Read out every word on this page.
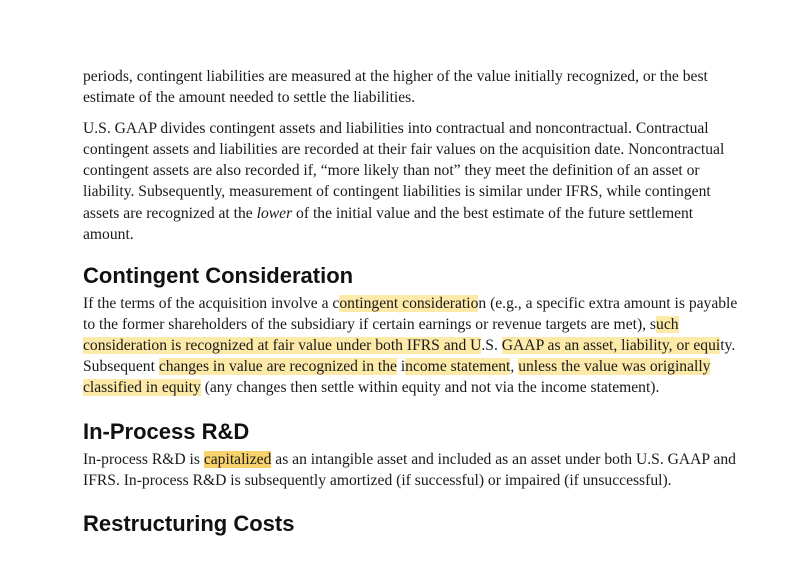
periods, contingent liabilities are measured at the higher of the value initially recognized, or the best estimate of the amount needed to settle the liabilities.

U.S. GAAP divides contingent assets and liabilities into contractual and noncontractual. Contractual contingent assets and liabilities are recorded at their fair values on the acquisition date. Noncontractual contingent assets are also recorded if, “more likely than not” they meet the definition of an asset or liability. Subsequently, measurement of contingent liabilities is similar under IFRS, while contingent assets are recognized at the lower of the initial value and the best estimate of the future settlement amount.

Contingent Consideration

If the terms of the acquisition involve a contingent consideration (e.g., a specific extra amount is payable to the former shareholders of the subsidiary if certain earnings or revenue targets are met), such consideration is recognized at fair value under both IFRS and U.S. GAAP as an asset, liability, or equity. Subsequent changes in value are recognized in the income statement, unless the value was originally classified in equity (any changes then settle within equity and not via the income statement).

In-Process R&D

In-process R&D is capitalized as an intangible asset and included as an asset under both U.S. GAAP and IFRS. In-process R&D is subsequently amortized (if successful) or impaired (if unsuccessful).

Restructuring Costs
